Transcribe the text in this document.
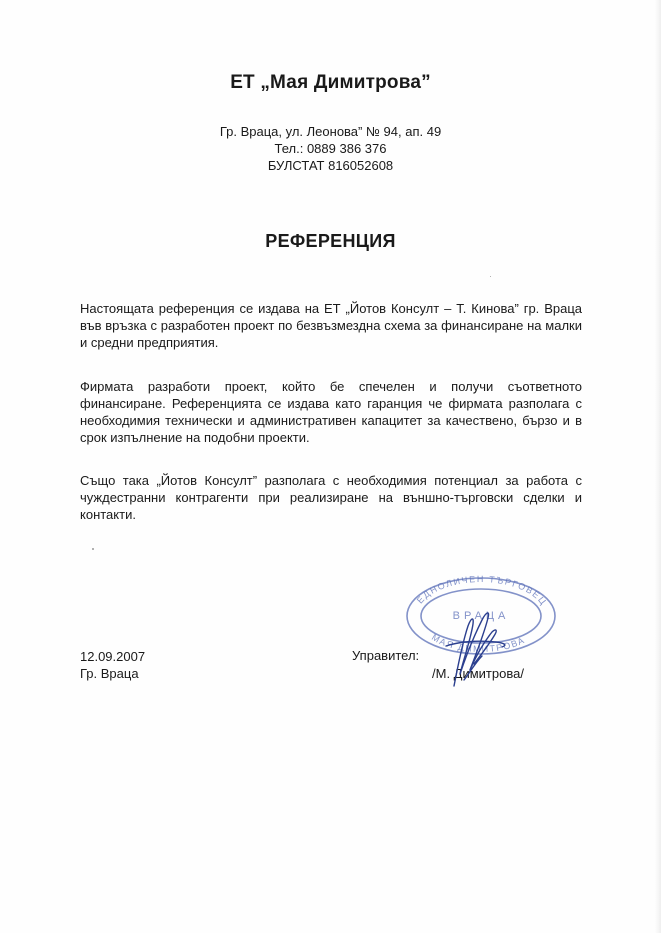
ЕТ „Мая Димитрова”
Гр. Враца, ул. Леонова” № 94, ап. 49
Тел.: 0889 386 376
БУЛСТАТ 816052608
РЕФЕРЕНЦИЯ

Настоящата референция се издава на ЕТ „Йотов Консулт – Т. Кинова” гр. Враца във връзка с разработен проект по безвъзмездна схема за финансиране на малки и средни предприятия.

Фирмата разработи проект, който бе спечелен и получи съответното финансиране. Референцията се издава като гаранция че фирмата разполага с необходимия технически и административен капацитет за качествено, бързо и в срок изпълнение на подобни проекти.

Също така „Йотов Консулт” разполага с необходимия потенциал за работа с чуждестранни контрагенти при реализиране на външно-търговски сделки и контакти.

12.09.2007
Гр. Враца
Управител:
/М. Димитрова/
ЕДНОЛИЧЕН ТЪРГОВЕЦ
МАЯ ДИМИТРОВА
ВРАЦА
